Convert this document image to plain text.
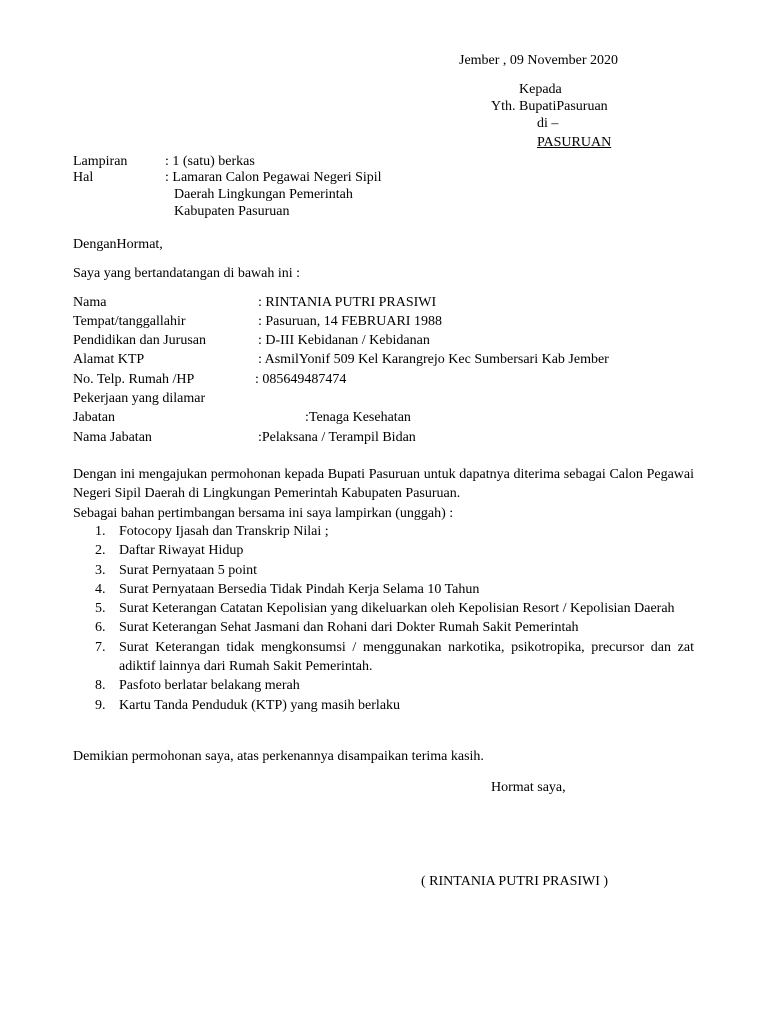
Jember , 09 November 2020
Kepada
Yth. BupatiPasuruan
di –
PASURUAN
Lampiran	: 1 (satu) berkas
Hal	: Lamaran Calon Pegawai Negeri Sipil
Daerah Lingkungan Pemerintah
Kabupaten Pasuruan
DenganHormat,
Saya yang bertandatangan di bawah ini :
Nama	: RINTANIA PUTRI PRASIWI
Tempat/tanggallahir	: Pasuruan, 14 FEBRUARI 1988
Pendidikan dan Jurusan	: D-III Kebidanan / Kebidanan
Alamat KTP	: AsmilYonif 509 Kel Karangrejo Kec Sumbersari Kab Jember
No. Telp. Rumah /HP	: 085649487474
Pekerjaan yang dilamar
Jabatan	:Tenaga Kesehatan
Nama Jabatan	:Pelaksana / Terampil Bidan
Dengan ini mengajukan permohonan kepada Bupati Pasuruan untuk dapatnya diterima sebagai Calon Pegawai Negeri Sipil Daerah di Lingkungan Pemerintah Kabupaten Pasuruan.
Sebagai bahan pertimbangan bersama ini saya lampirkan (unggah) :
1. Fotocopy Ijasah dan Transkrip Nilai ;
2. Daftar Riwayat Hidup
3. Surat Pernyataan 5 point
4. Surat Pernyataan Bersedia Tidak Pindah Kerja Selama 10 Tahun
5. Surat Keterangan Catatan Kepolisian yang dikeluarkan oleh Kepolisian Resort / Kepolisian Daerah
6. Surat Keterangan Sehat Jasmani dan Rohani dari Dokter Rumah Sakit Pemerintah
7. Surat Keterangan tidak mengkonsumsi / menggunakan narkotika, psikotropika, precursor dan zat adiktif lainnya dari Rumah Sakit Pemerintah.
8. Pasfoto berlatar belakang merah
9. Kartu Tanda Penduduk (KTP) yang masih berlaku
Demikian permohonan saya, atas perkenannya disampaikan terima kasih.
Hormat saya,
( RINTANIA PUTRI PRASIWI )
